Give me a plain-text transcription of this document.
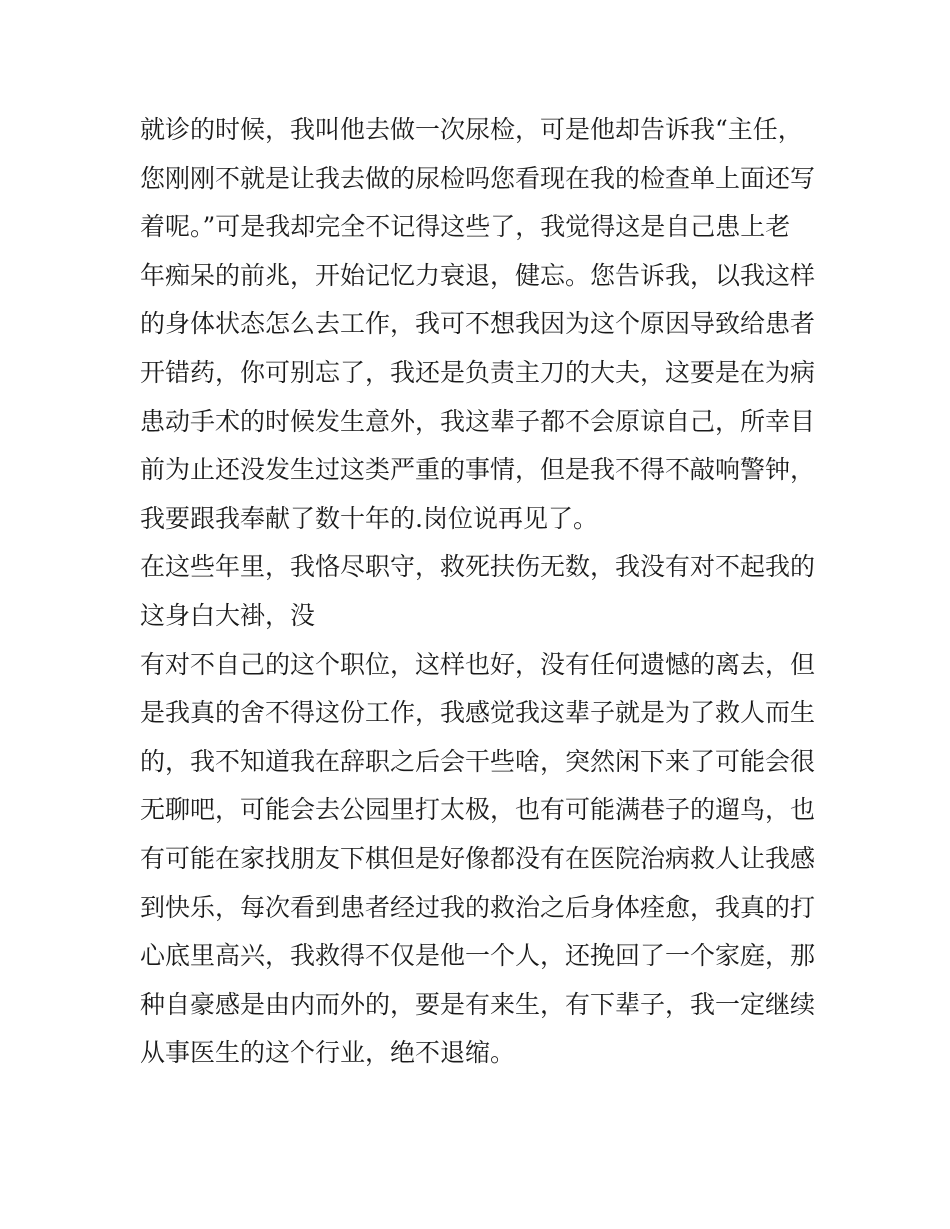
就诊的时候，我叫他去做一次尿检，可是他却告诉我“主任，
您刚刚不就是让我去做的尿检吗您看现在我的检查单上面还写
着呢。”可是我却完全不记得这些了，我觉得这是自己患上老
年痴呆的前兆，开始记忆力衰退，健忘。您告诉我，以我这样
的身体状态怎么去工作，我可不想我因为这个原因导致给患者
开错药，你可别忘了，我还是负责主刀的大夫，这要是在为病
患动手术的时候发生意外，我这辈子都不会原谅自己，所幸目
前为止还没发生过这类严重的事情，但是我不得不敲响警钟，
我要跟我奉献了数十年的.岗位说再见了。
在这些年里，我恪尽职守，救死扶伤无数，我没有对不起我的
这身白大褂，没
有对不自己的这个职位，这样也好，没有任何遗憾的离去，但
是我真的舍不得这份工作，我感觉我这辈子就是为了救人而生
的，我不知道我在辞职之后会干些啥，突然闲下来了可能会很
无聊吧，可能会去公园里打太极，也有可能满巷子的遛鸟，也
有可能在家找朋友下棋但是好像都没有在医院治病救人让我感
到快乐，每次看到患者经过我的救治之后身体痊愈，我真的打
心底里高兴，我救得不仅是他一个人，还挽回了一个家庭，那
种自豪感是由内而外的，要是有来生，有下辈子，我一定继续
从事医生的这个行业，绝不退缩。
